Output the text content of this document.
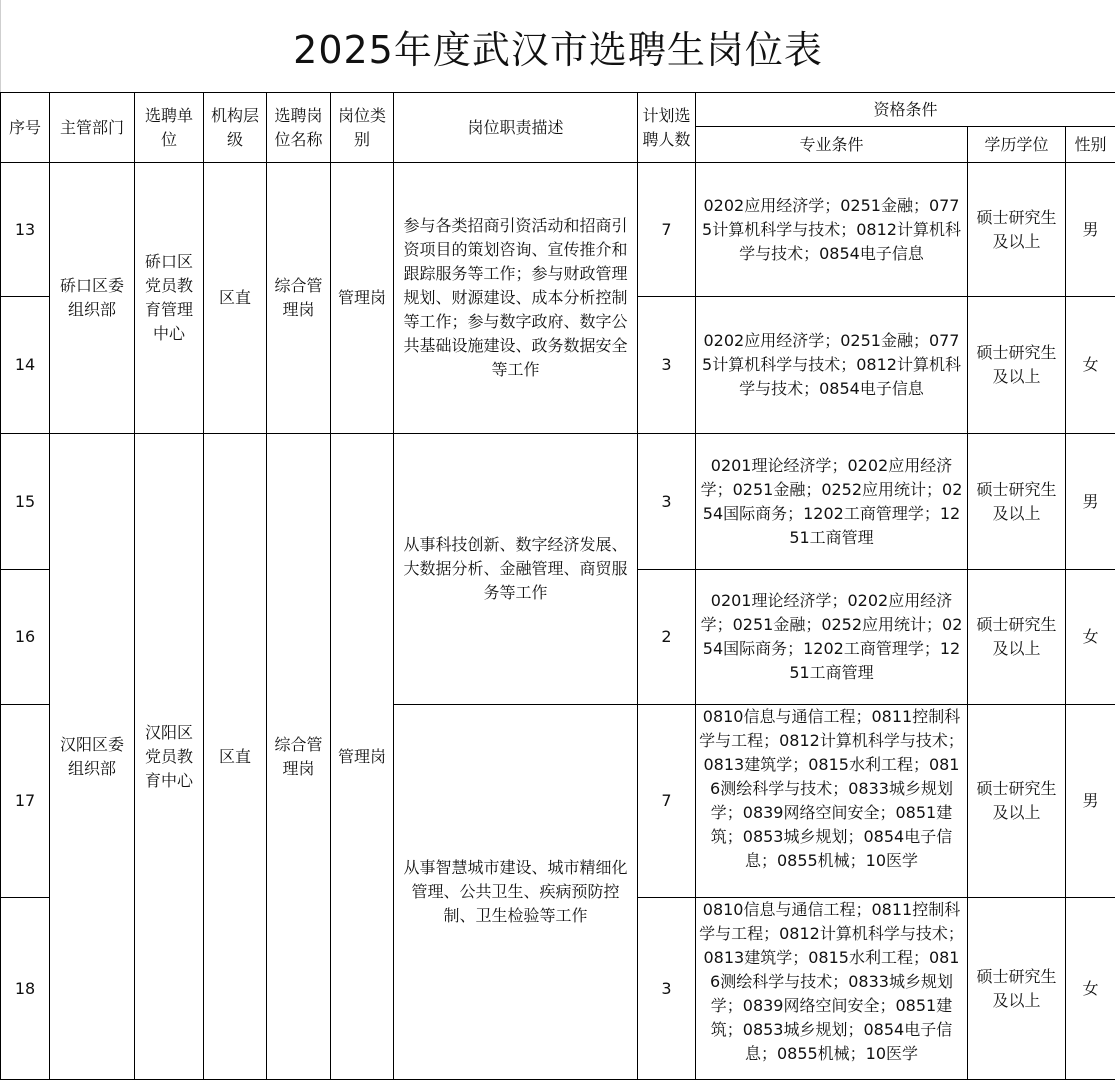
2025年度武汉市选聘生岗位表
序号	主管部门	选聘单位	机构层级	选聘岗位名称	岗位类别	岗位职责描述	计划选聘人数	资格条件		
								专业条件	学历学位	性别
13	硚口区委组织部	硚口区党员教育管理中心	区直	综合管理岗	管理岗	参与各类招商引资活动和招商引资项目的策划咨询、宣传推介和跟踪服务等工作；参与财政管理规划、财源建设、成本分析控制等工作；参与数字政府、数字公共基础设施建设、政务数据安全等工作	7	0202应用经济学；0251金融；0775计算机科学与技术；0812计算机科学与技术；0854电子信息	硕士研究生及以上	男
14							3	0202应用经济学；0251金融；0775计算机科学与技术；0812计算机科学与技术；0854电子信息	硕士研究生及以上	女
15	汉阳区委组织部	汉阳区党员教育中心	区直	综合管理岗	管理岗	从事科技创新、数字经济发展、大数据分析、金融管理、商贸服务等工作	3	0201理论经济学；0202应用经济学；0251金融；0252应用统计；0254国际商务；1202工商管理学；1251工商管理	硕士研究生及以上	男
16							2	0201理论经济学；0202应用经济学；0251金融；0252应用统计；0254国际商务；1202工商管理学；1251工商管理	硕士研究生及以上	女
17						从事智慧城市建设、城市精细化管理、公共卫生、疾病预防控制、卫生检验等工作	7	0810信息与通信工程；0811控制科学与工程；0812计算机科学与技术；0813建筑学；0815水利工程；0816测绘科学与技术；0833城乡规划学；0839网络空间安全；0851建筑；0853城乡规划；0854电子信息；0855机械；10医学	硕士研究生及以上	男
18							3	0810信息与通信工程；0811控制科学与工程；0812计算机科学与技术；0813建筑学；0815水利工程；0816测绘科学与技术；0833城乡规划学；0839网络空间安全；0851建筑；0853城乡规划；0854电子信息；0855机械；10医学	硕士研究生及以上	女
